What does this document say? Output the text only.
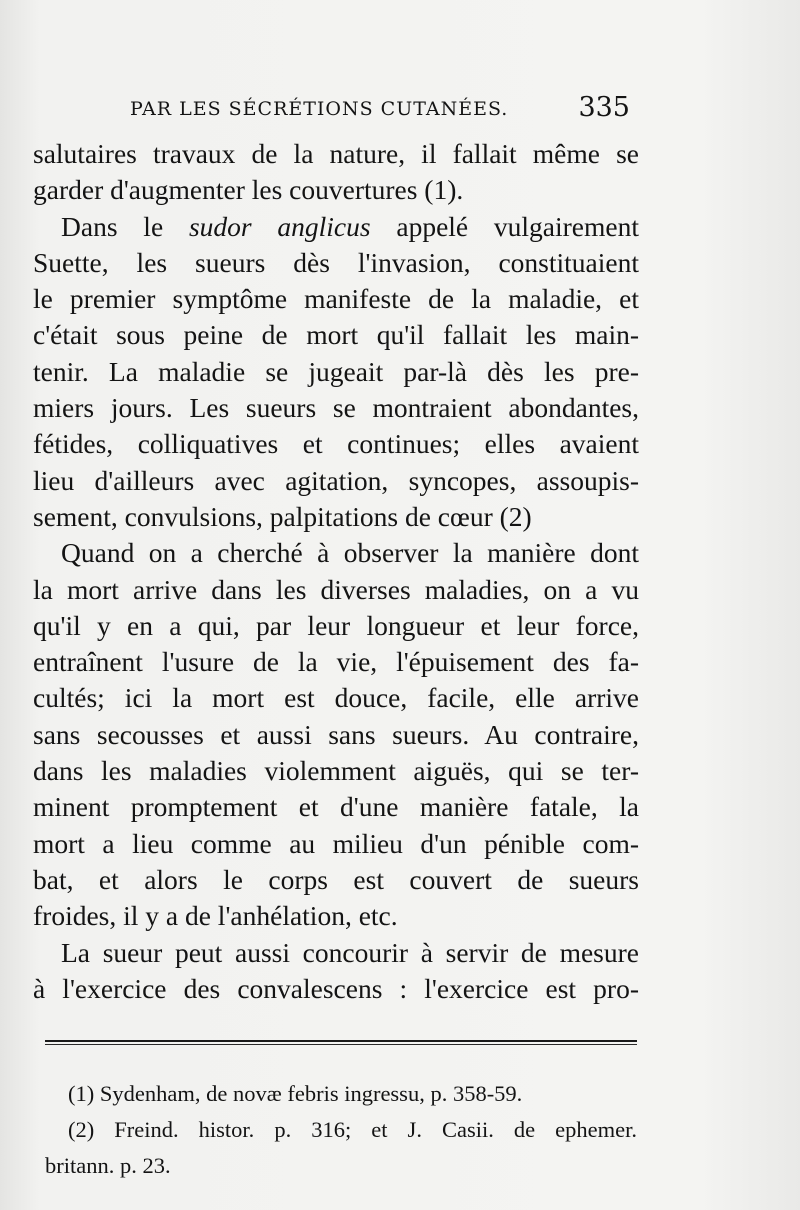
PAR LES SÉCRÉTIONS CUTANÉES.	335
salutaires travaux de la nature, il fallait même se
garder d'augmenter les couvertures (1).
Dans le sudor anglicus appelé vulgairement
Suette, les sueurs dès l'invasion, constituaient
le premier symptôme manifeste de la maladie, et
c'était sous peine de mort qu'il fallait les main-
tenir. La maladie se jugeait par-là dès les pre-
miers jours. Les sueurs se montraient abondantes,
fétides, colliquatives et continues; elles avaient
lieu d'ailleurs avec agitation, syncopes, assoupis-
sement, convulsions, palpitations de cœur (2)
Quand on a cherché à observer la manière dont
la mort arrive dans les diverses maladies, on a vu
qu'il y en a qui, par leur longueur et leur force,
entraînent l'usure de la vie, l'épuisement des fa-
cultés; ici la mort est douce, facile, elle arrive
sans secousses et aussi sans sueurs. Au contraire,
dans les maladies violemment aiguës, qui se ter-
minent promptement et d'une manière fatale, la
mort a lieu comme au milieu d'un pénible com-
bat, et alors le corps est couvert de sueurs
froides, il y a de l'anhélation, etc.
La sueur peut aussi concourir à servir de mesure
à l'exercice des convalescens : l'exercice est pro-
(1) Sydenham, de novæ febris ingressu, p. 358-59.
(2) Freind. histor. p. 316; et J. Casii. de ephemer.
britann. p. 23.
